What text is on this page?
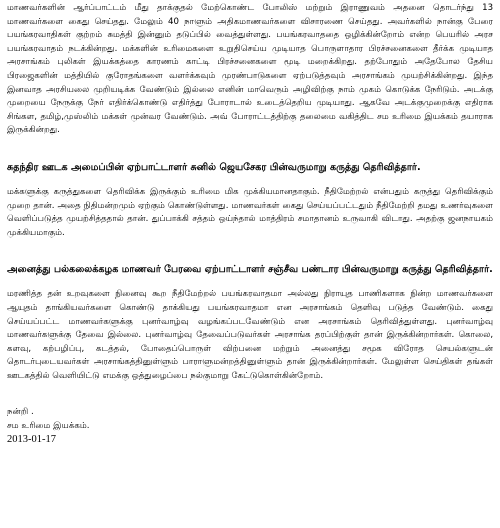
மாணவர்களின் ஆர்ப்பாட்டம் மீது தாக்குதல் மேற்கொண்ட போலிஸ் மற்றும் இராணுவம் அதனை தொடர்ந்து 13 மாணவர்களை கைது செய்தது. மேலும் 40 நாளும் அதிகமாணவர்களை விசாரணை செய்தது. அவர்களில் நான்கு பேரை பயங்கரவாதிகள் குற்றம் சுமத்தி இன்னும் தடுப்பில் வைத்துள்ளது. பயங்கரவாததை ஒழிக்கின்றோம் என்ற பெயரில் அரச பயங்கரவாதம் நடக்கின்றது. மக்களின் உரிமைகளை உறுதிசெய்ய முடியாத பொருளாதார பிரச்சனைகளை தீர்க்க முடியாத அரசாங்கம் புலிகள் இயக்கத்தை காரணம் காட்டி பிரச்சனைகளை மூடி மறைக்கிறது. தற்போதும் அதேபோல தேசிய பிரஜைகளின் மத்தியில் குரோதங்களை வளர்க்கவும் முரண்பாடுகளை ஏற்படுத்தவும் அரசாங்கம் முயற்சிக்கின்றது. இந்த இனவாத அரசியலை முறியடிக்க வேண்டும் இல்லை எனின் மாவெரும் அழிவிற்கு நாம் முகம் கொடுக்க நேரிடும். அடக்கு முறையை நேருக்கு நேர் எதிர்க்கொண்டு எதிர்த்து போராடால் உடைத்தெறிய முடியாது. ஆகவே அடக்குமுறைக்கு எதிராக சிங்கள, தமிழ்,முஸ்லிம் மக்கள் முன்வர வேண்டும். அவ் போராட்டத்திற்கு தலைமை வகித்திட சம உரிமை இயக்கம் தயாராக இருக்கின்றது.

சுதந்திர ஊடக அமைப்பின் ஏற்பாட்டாளர் சுனில் ஜெயசேகர பின்வருமாறு கருத்து தெரிவித்தார்.

மக்களுக்கு கருத்துகளை தெரிவிக்க இருக்கும் உரிமை மிக முக்கியமானதாகும். நீதிமேற்றல் என்பதும் கருத்து தெரிவிக்கும் முறை தான். அதை நிதிமன்றமும் ஏற்கும் கொண்டுள்ளது. மாணவர்கள் கைது செய்யப்பட்டதும் நீதிமேற்றி தமது உணர்வுகளை வெளிப்படுத்த முயற்சித்ததால் தான். துப்பாக்கி சத்தம் ஒய்ந்தால் மாத்திரம் சமாதானம் உருவாகி விடாது. அதற்கு ஜனநாயகம் முக்கியமாகும்.

அனைத்து பல்கலைக்கழக மாணவர் பேரவை ஏற்பாட்டாளர் சஞ்சீவ பண்டார பின்வருமாறு கருத்து தெரிவித்தார்.

மரணித்த தன் உறவுகளை நினைவு கூற நீதிமேற்றல் பயங்கரவாதமா அல்லது நிராயுத பாணிகளாக நின்ற மாணவர்களை ஆயுதம் தாங்கியவர்களை கொண்டு தாக்கியது பயங்கரவாதமா என அரசாங்கம் தெளிவு படுத்த வேண்டும். கைது செய்யப்பட்ட மாணவர்களுக்கு புனர்வாழ்வு வழங்கப்படவேண்டும் என அரசாங்கம் தெரிவித்துள்ளது. புனர்வாழ்வு மாணவர்களுக்கு தேவை இல்லை. புனர்வாழ்வு தேவைப்படுவர்கள் அரசாங்க தரப்பிற்குள் தான் இருக்கின்றார்கள். கொலை, களவு, கற்பழிப்பு, கடத்தல், போதைப்பொருள் விற்பனை மற்றும் அனைத்து சமூக விரோத செயல்களுடன் தொடர்புடையவர்கள் அரசாங்கத்தினுள்ளும் பாராளுமன்றத்தினுள்ளும் தான் இருக்கின்றார்கள். மேலுள்ள செய்திகள் தங்கள் ஊடகத்தில் வெளியிட்டு எமக்கு ஒத்துழைப்பை நல்குமாறு கேட்டுகொள்கின்றோம்.

நன்றி .

சம உரிமை இயக்கம்.

2013-01-17
